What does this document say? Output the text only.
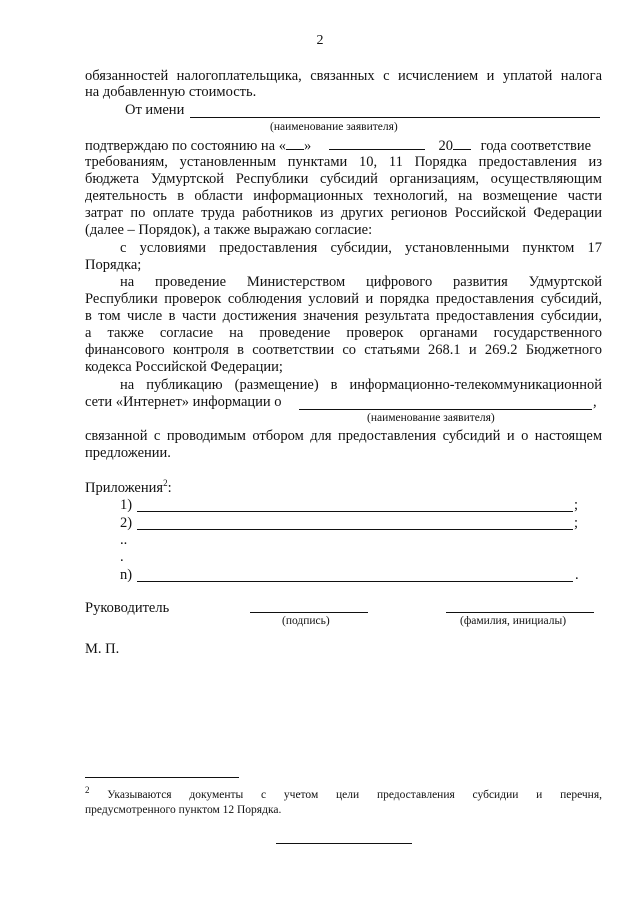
2
обязанностей налогоплательщика, связанных с исчислением и уплатой налога
на добавленную стоимость.
От имени
(наименование заявителя)
подтверждаю по состоянию на « »	20 года соответствие
требованиям, установленным пунктами 10, 11 Порядка предоставления из
бюджета Удмуртской Республики субсидий организациям, осуществляющим
деятельность в области информационных технологий, на возмещение части
затрат по оплате труда работников из других регионов Российской Федерации
(далее – Порядок), а также выражаю согласие:
с условиями предоставления субсидии, установленными пунктом 17
Порядка;
на проведение Министерством цифрового развития Удмуртской
Республики проверок соблюдения условий и порядка предоставления субсидий,
в том числе в части достижения значения результата предоставления субсидии,
а также согласие на проведение проверок органами государственного
финансового контроля в соответствии со статьями 268.1 и 269.2 Бюджетного
кодекса Российской Федерации;
на публикацию (размещение) в информационно-телекоммуникационной
сети «Интернет» информации о	,
(наименование заявителя)
связанной с проводимым отбором для предоставления субсидий и о настоящем
предложении.
Приложения$^2$:
1)	;
2)	;
..
.
n)	.
Руководитель
(подпись)	(фамилия, инициалы)
М. П.
$^2$ Указываются документы с учетом цели предоставления субсидии и перечня,
предусмотренного пунктом 12 Порядка.
